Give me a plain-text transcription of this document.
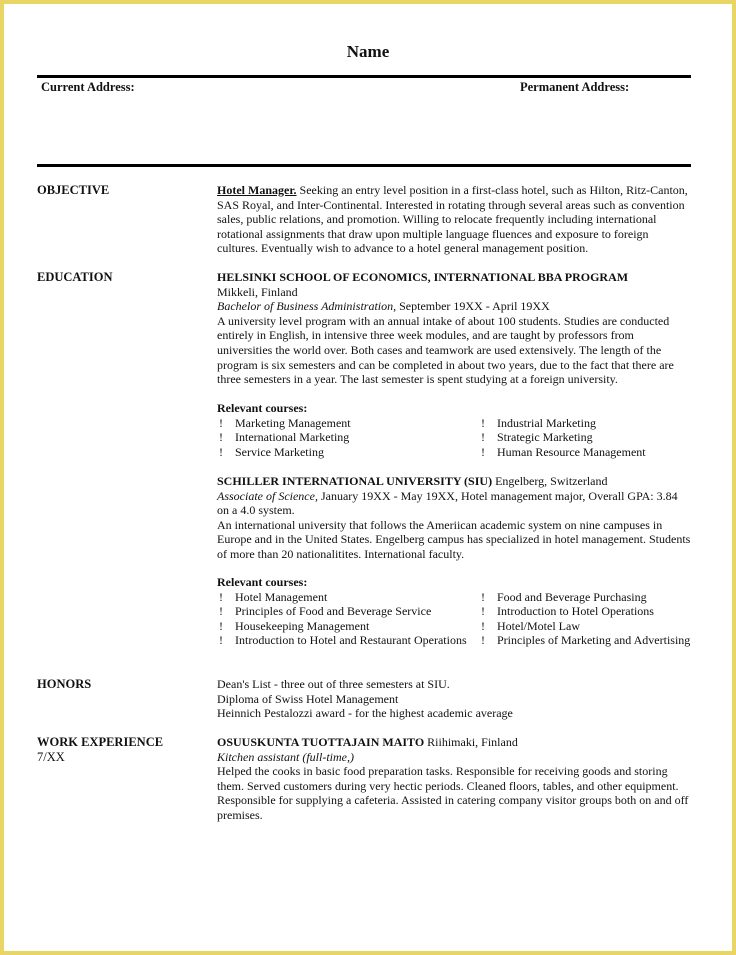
Name
Current Address:	Permanent Address:
OBJECTIVE	Hotel Manager. Seeking an entry level position in a first-class hotel, such as Hilton, Ritz-Canton, SAS Royal, and Inter-Continental. Interested in rotating through several areas such as convention sales, public relations, and promotion. Willing to relocate frequently including international rotational assignments that draw upon multiple language fluences and exposure to foreign cultures. Eventually wish to advance to a hotel general management position.

EDUCATION	HELSINKI SCHOOL OF ECONOMICS, INTERNATIONAL BBA PROGRAM

Mikkeli, Finland

Bachelor of Business Administration, September 19XX - April 19XX

A university level program with an annual intake of about 100 students. Studies are conducted entirely in English, in intensive three week modules, and are taught by professors from universities the world over. Both cases and teamwork are used extensively. The length of the program is six semesters and can be completed in about two years, due to the fact that there are three semesters in a year. The last semester is spent studying at a foreign university.

Relevant courses:

!	Marketing Management	!	Industrial Marketing
!	International Marketing	!	Strategic Marketing
!	Service Marketing	!	Human Resource Management

SCHILLER INTERNATIONAL UNIVERSITY (SIU) Engelberg, Switzerland

Associate of Science, January 19XX - May 19XX, Hotel management major, Overall GPA: 3.84 on a 4.0 system.

An international university that follows the Ameriican academic system on nine campuses in Europe and in the United States. Engelberg campus has specialized in hotel management. Students of more than 20 nationalitites. International faculty.

Relevant courses:

!	Hotel Management	!	Food and Beverage Purchasing
!	Principles of Food and Beverage Service	!	Introduction to Hotel Operations
!	Housekeeping Management	!	Hotel/Motel Law
!	Introduction to Hotel and Restaurant Operations !	Principles of Marketing and Advertising
HONORS	Dean's List - three out of three semesters at SIU.

Diploma of Swiss Hotel Management

Heinnich Pestalozzi award - for the highest academic average

WORK EXPERIENCE
7/XX

OSUUSKUNTA TUOTTAJAIN MAITO Riihimaki, Finland

Kitchen assistant (full-time,)

Helped the cooks in basic food preparation tasks. Responsible for receiving goods and storing them. Served customers during very hectic periods. Cleaned floors, tables, and other equipment. Responsible for supplying a cafeteria. Assisted in catering company visitor groups both on and off premises.
